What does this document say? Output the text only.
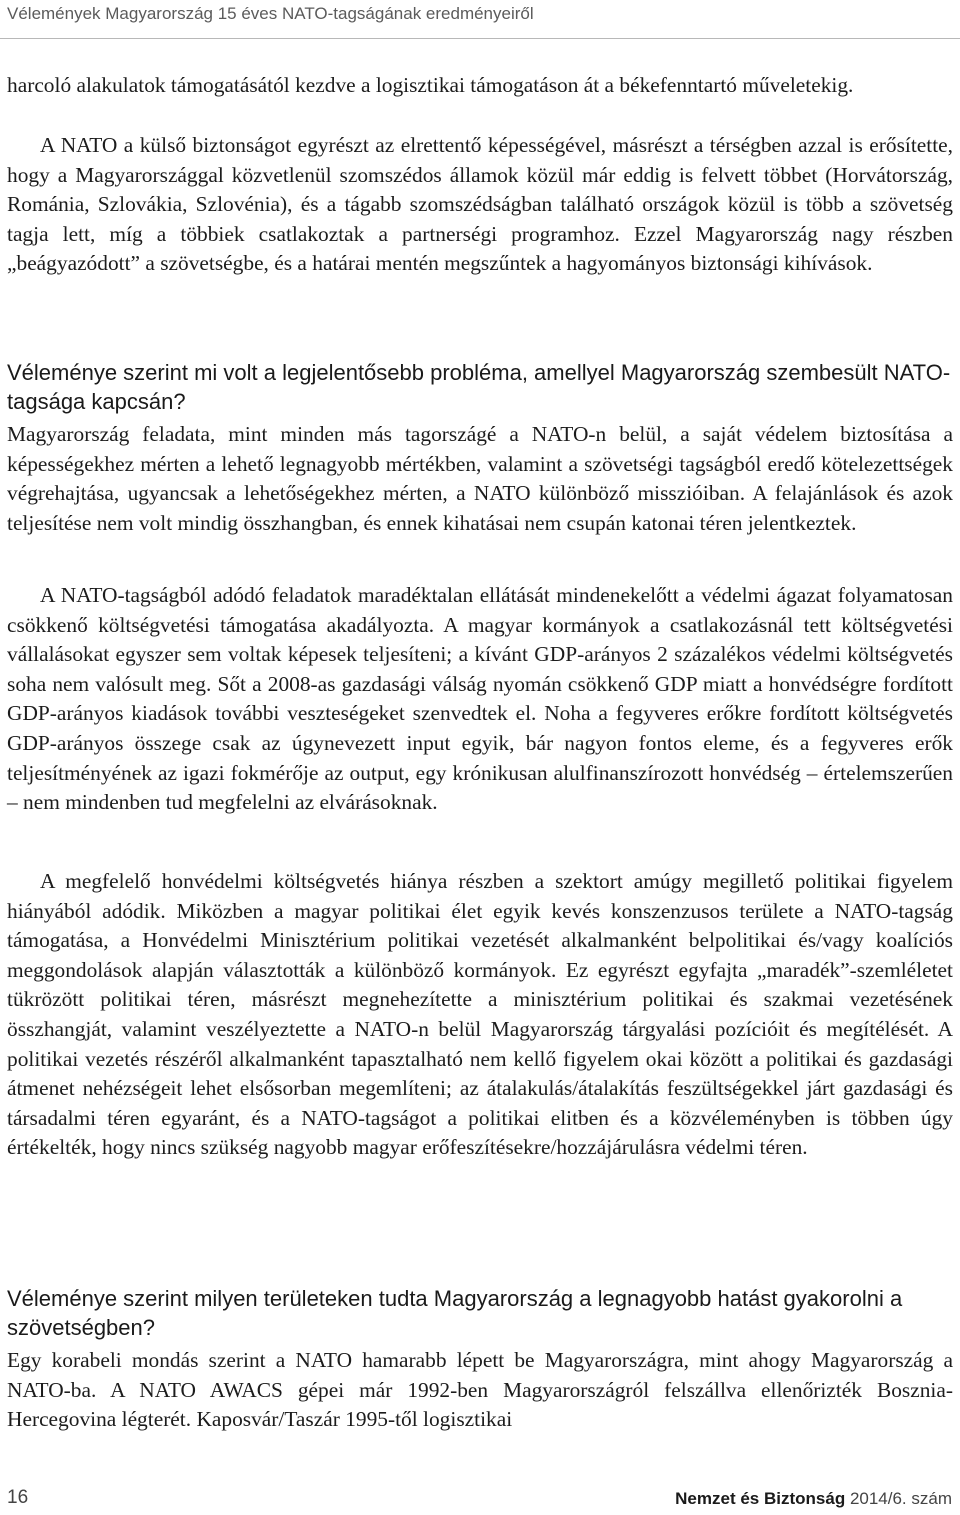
Vélemények Magyarország 15 éves NATO-tagságának eredményeiről

harcoló alakulatok támogatásától kezdve a logisztikai támogatáson át a békefenntartó műveletekig.

A NATO a külső biztonságot egyrészt az elrettentő képességével, másrészt a térségben azzal is erősítette, hogy a Magyarországgal közvetlenül szomszédos államok közül már eddig is felvett többet (Horvátország, Románia, Szlovákia, Szlovénia), és a tágabb szomszédságban található országok közül is több a szövetség tagja lett, míg a többiek csatlakoztak a partnerségi programhoz. Ezzel Magyarország nagy részben „beágyazódott” a szövetségbe, és a határai mentén megszűntek a hagyományos biztonsági kihívások.

Véleménye szerint mi volt a legjelentősebb probléma, amellyel Magyarország szembesült NATO-tagsága kapcsán?

Magyarország feladata, mint minden más tagországé a NATO-n belül, a saját védelem biztosítása a képességekhez mérten a lehető legnagyobb mértékben, valamint a szövetségi tagságból eredő kötelezettségek végrehajtása, ugyancsak a lehetőségekhez mérten, a NATO különböző misszióiban. A felajánlások és azok teljesítése nem volt mindig összhangban, és ennek kihatásai nem csupán katonai téren jelentkeztek.

A NATO-tagságból adódó feladatok maradéktalan ellátását mindenekelőtt a védelmi ágazat folyamatosan csökkenő költségvetési támogatása akadályozta. A magyar kormányok a csatlakozásnál tett költségvetési vállalásokat egyszer sem voltak képesek teljesíteni; a kívánt GDP-arányos 2 százalékos védelmi költségvetés soha nem valósult meg. Sőt a 2008-as gazdasági válság nyomán csökkenő GDP miatt a honvédségre fordított GDP-arányos kiadások további veszteségeket szenvedtek el. Noha a fegyveres erőkre fordított költségvetés GDP-arányos összege csak az úgynevezett input egyik, bár nagyon fontos eleme, és a fegyveres erők teljesítményének az igazi fokmérője az output, egy krónikusan alulfinanszírozott honvédség – értelemszerűen – nem mindenben tud megfelelni az elvárásoknak.

A megfelelő honvédelmi költségvetés hiánya részben a szektort amúgy megillető politikai figyelem hiányából adódik. Miközben a magyar politikai élet egyik kevés konszenzusos területe a NATO-tagság támogatása, a Honvédelmi Minisztérium politikai vezetését alkalmanként belpolitikai és/vagy koalíciós meggondolások alapján választották a különböző kormányok. Ez egyrészt egyfajta „maradék”-szemléletet tükrözött politikai téren, másrészt megnehezítette a minisztérium politikai és szakmai vezetésének összhangját, valamint veszélyeztette a NATO-n belül Magyarország tárgyalási pozícióit és megítélését. A politikai vezetés részéről alkalmanként tapasztalható nem kellő figyelem okai között a politikai és gazdasági átmenet nehézségeit lehet elsősorban megemlíteni; az átalakulás/átalakítás feszültségekkel járt gazdasági és társadalmi téren egyaránt, és a NATO-tagságot a politikai elitben és a közvéleményben is többen úgy értékelték, hogy nincs szükség nagyobb magyar erőfeszítésekre/hozzájárulásra védelmi téren.

Véleménye szerint milyen területeken tudta Magyarország a legnagyobb hatást gyakorolni a szövetségben?

Egy korabeli mondás szerint a NATO hamarabb lépett be Magyarországra, mint ahogy Magyarország a NATO-ba. A NATO AWACS gépei már 1992-ben Magyarországról felszállva ellenőrizték Bosznia-Hercegovina légterét. Kaposvár/Taszár 1995-től logisztikai

16	Nemzet és Biztonság 2014/6. szám
